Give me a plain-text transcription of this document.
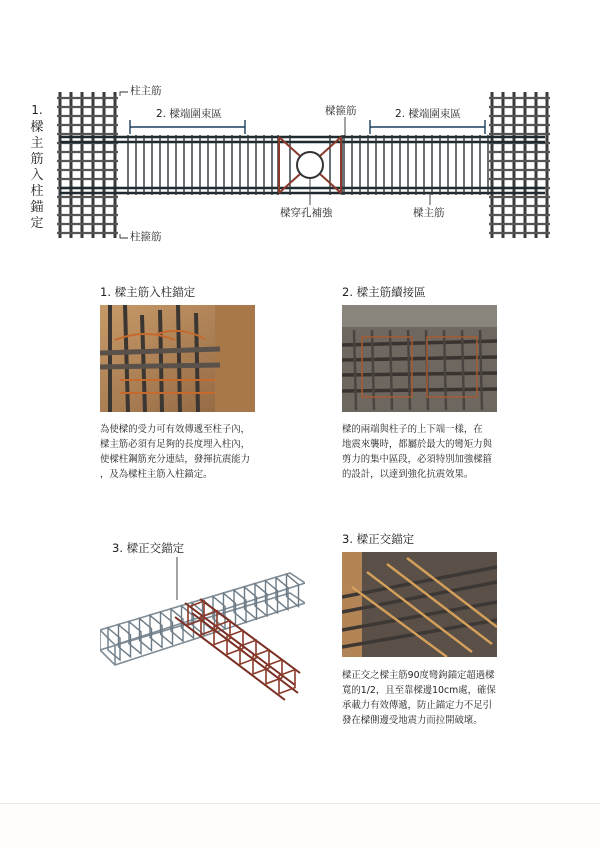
柱主筋
2. 樑端圍束區	樑箍筋	2. 樑端圍束區
樑穿孔補強	樑主筋
柱箍筋
1.
樑
主
筋
入
柱
錨
定
1. 樑主筋入柱錨定
為使樑的受力可有效傳遞至柱子內，
樑主筋必須有足夠的長度埋入柱內，
使樑柱鋼筋充分連結，發揮抗震能力
，及為樑柱主筋入柱錨定。
2. 樑主筋續接區
樑的兩端與柱子的上下端一樣，在
地震來襲時，都屬於最大的彎矩力與
剪力的集中區段，必須特別加強樑箍
的設計，以達到強化抗震效果。
3. 樑正交錨定
3. 樑正交錨定
樑正交之樑主筋90度彎鉤錨定超過樑
寬的1/2，且至靠樑邊10cm處，確保
承載力有效傳遞，防止錨定力不足引
發在樑側邊受地震力而拉開破壞。
